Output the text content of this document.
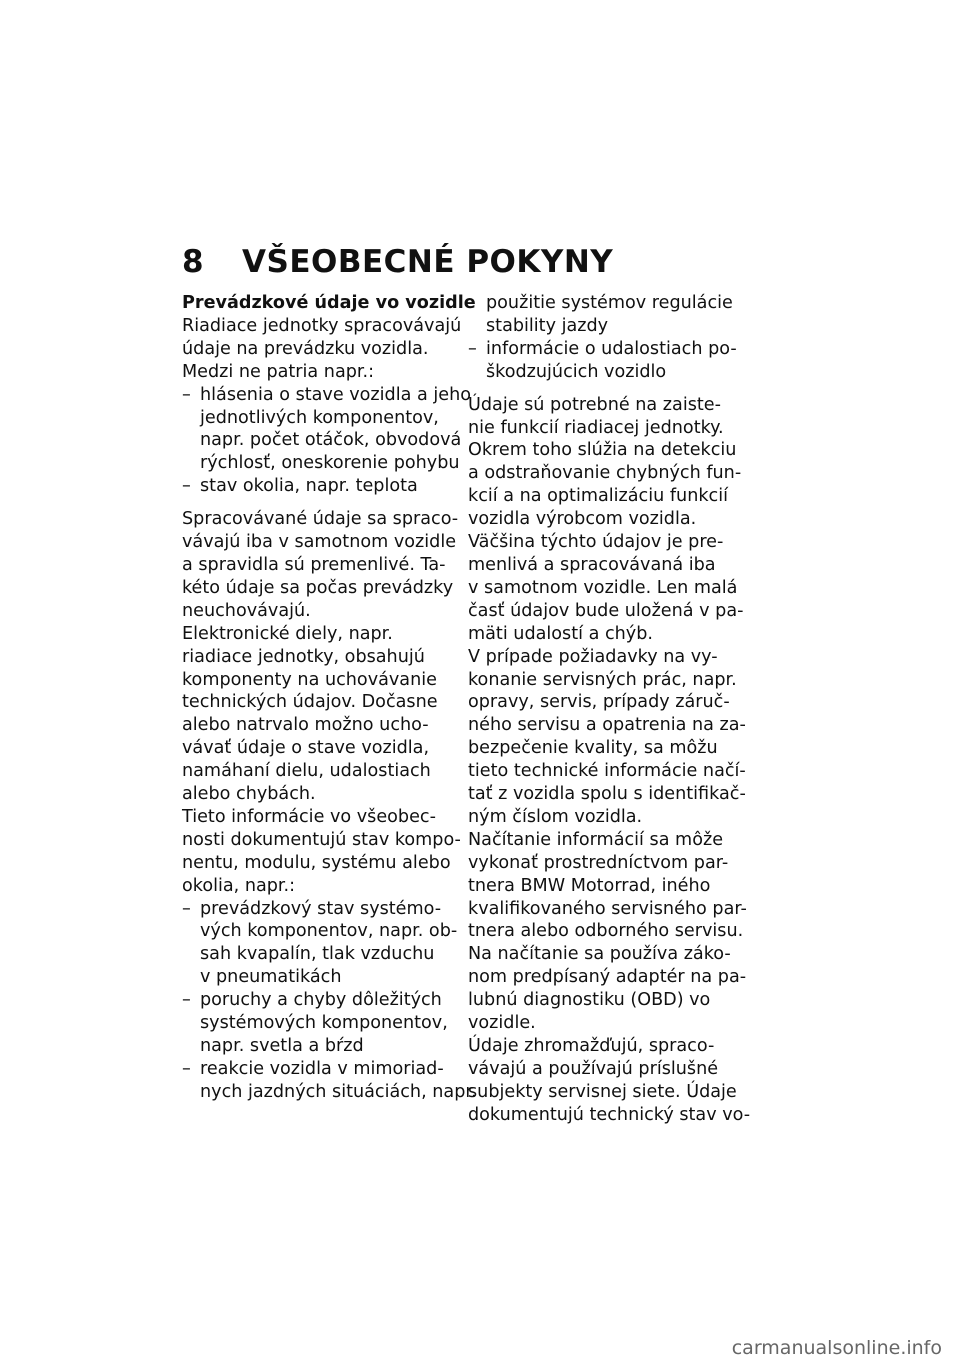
8 VŠEOBECNÉ POKYNY
Prevádzkové údaje vo vozidle
Riadiace jednotky spracovávajú
údaje na prevádzku vozidla.
Medzi ne patria napr.:
– hlásenia o stave vozidla a jeho
jednotlivých komponentov,
napr. počet otáčok, obvodová
rýchlosť, oneskorenie pohybu
– stav okolia, napr. teplota
Spracovávané údaje sa spraco-
vávajú iba v samotnom vozidle
a spravidla sú premenlivé. Ta-
kéto údaje sa počas prevádzky
neuchovávajú.
Elektronické diely, napr.
riadiace jednotky, obsahujú
komponenty na uchovávanie
technických údajov. Dočasne
alebo natrvalo možno ucho-
vávať údaje o stave vozidla,
namáhaní dielu, udalostiach
alebo chybách.
Tieto informácie vo všeobec-
nosti dokumentujú stav kompo-
nentu, modulu, systému alebo
okolia, napr.:
– prevádzkový stav systémo-
vých komponentov, napr. ob-
sah kvapalín, tlak vzduchu
v pneumatikách
– poruchy a chyby dôležitých
systémových komponentov,
napr. svetla a bŕzd
– reakcie vozidla v mimoriad-
nych jazdných situáciách, napr.
použitie systémov regulácie
stability jazdy
– informácie o udalostiach po-
škodzujúcich vozidlo
Údaje sú potrebné na zaiste-
nie funkcií riadiacej jednotky.
Okrem toho slúžia na detekciu
a odstraňovanie chybných fun-
kcií a na optimalizáciu funkcií
vozidla výrobcom vozidla.
Väčšina týchto údajov je pre-
menlivá a spracovávaná iba
v samotnom vozidle. Len malá
časť údajov bude uložená v pa-
mäti udalostí a chýb.
V prípade požiadavky na vy-
konanie servisných prác, napr.
opravy, servis, prípady záruč-
ného servisu a opatrenia na za-
bezpečenie kvality, sa môžu
tieto technické informácie načí-
tať z vozidla spolu s identifikač-
ným číslom vozidla.
Načítanie informácií sa môže
vykonať prostredníctvom par-
tnera BMW Motorrad, iného
kvalifikovaného servisného par-
tnera alebo odborného servisu.
Na načítanie sa používa záko-
nom predpísaný adaptér na pa-
lubnú diagnostiku (OBD) vo
vozidle.
Údaje zhromažďujú, spraco-
vávajú a používajú príslušné
subjekty servisnej siete. Údaje
dokumentujú technický stav vo-
carmanualsonline.info
